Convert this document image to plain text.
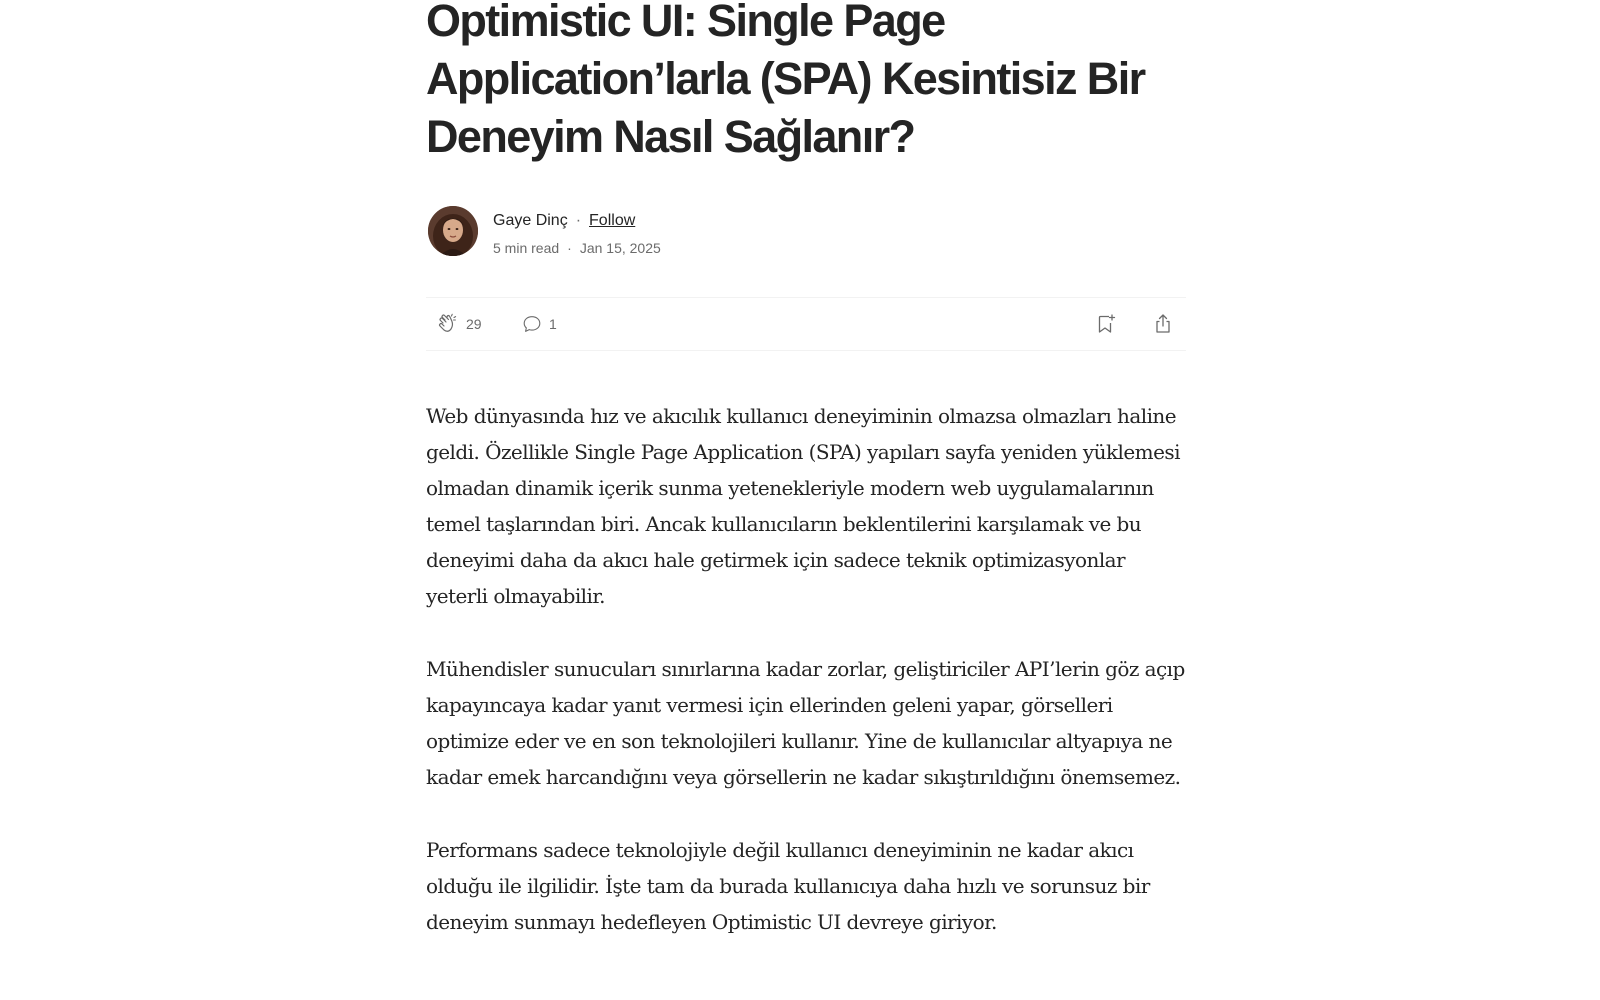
Optimistic UI: Single Page Application’larla (SPA) Kesintisiz Bir Deneyim Nasıl Sağlanır?
Gaye Dinç · Follow
5 min read · Jan 15, 2025
29	1

Web dünyasında hız ve akıcılık kullanıcı deneyiminin olmazsa olmazları haline geldi. Özellikle Single Page Application (SPA) yapıları sayfa yeniden yüklemesi olmadan dinamik içerik sunma yetenekleriyle modern web uygulamalarının temel taşlarından biri. Ancak kullanıcıların beklentilerini karşılamak ve bu deneyimi daha da akıcı hale getirmek için sadece teknik optimizasyonlar yeterli olmayabilir.

Mühendisler sunucuları sınırlarına kadar zorlar, geliştiriciler API’lerin göz açıp kapayıncaya kadar yanıt vermesi için ellerinden geleni yapar, görselleri optimize eder ve en son teknolojileri kullanır. Yine de kullanıcılar altyapıya ne kadar emek harcandığını veya görsellerin ne kadar sıkıştırıldığını önemsemez.

Performans sadece teknolojiyle değil kullanıcı deneyiminin ne kadar akıcı olduğu ile ilgilidir. İşte tam da burada kullanıcıya daha hızlı ve sorunsuz bir deneyim sunmayı hedefleyen Optimistic UI devreye giriyor.
